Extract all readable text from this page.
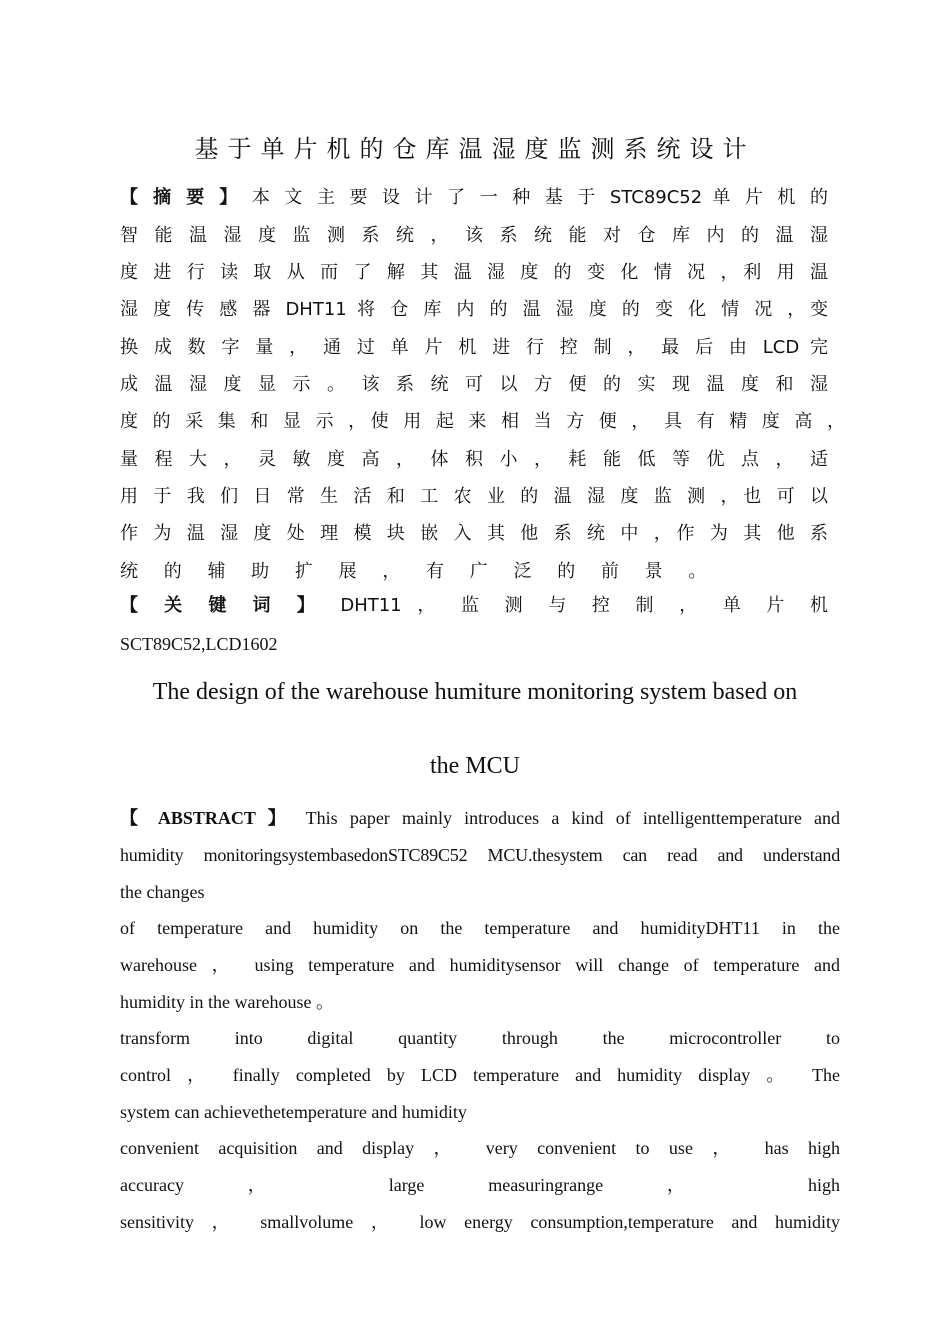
基于单片机的仓库温湿度监测系统设计
【 摘 要 】 本 文 主 要 设 计 了 一 种 基 于 STC89C52 单 片 机 的
智 能 温 湿 度 监 测 系 统 ， 该 系 统 能 对 仓 库 内 的 温 湿
度 进 行 读 取 从 而 了 解 其 温 湿 度 的 变 化 情 况 ，利 用 温
湿 度 传 感 器 DHT11 将 仓 库 内 的 温 湿 度 的 变 化 情 况 ，变
换 成 数 字 量 ， 通 过 单 片 机 进 行 控 制 ， 最 后 由 LCD 完
成 温 湿 度 显 示 。 该 系 统 可 以 方 便 的 实 现 温 度 和 湿
度 的 采 集 和 显 示 ，使 用 起 来 相 当 方 便 ， 具 有 精 度 高 ，
量 程 大 ， 灵 敏 度 高 ， 体 积 小 ， 耗 能 低 等 优 点 ， 适
用 于 我 们 日 常 生 活 和 工 农 业 的 温 湿 度 监 测 ，也 可 以
作 为 温 湿 度 处 理 模 块 嵌 入 其 他 系 统 中 ，作 为 其 他 系
统 的 辅 助 扩 展 ， 有 广 泛 的 前 景 。
【 关 键 词 】 DHT11 ， 监 测 与 控 制 ， 单 片 机
SCT89C52,LCD1602
The design of the warehouse humiture monitoring system based on
the MCU
【 ABSTRACT 】 This paper mainly introduces a kind of intelligenttemperature and
humidity monitoringsystembasedonSTC89C52 MCU.thesystem can read and understand
the changes
of temperature and humidity on the temperature and humidityDHT11 in the
warehouse ， using temperature and humiditysensor will change of temperature and
humidity in the warehouse 。
transform into digital quantity through the microcontroller to
control ， finally completed by LCD temperature and humidity display 。 The
system can achievethetemperature and humidity
convenient acquisition and display ， very convenient to use ， has high
accuracy ， large measuringrange ， high
sensitivity ， smallvolume ， low energy consumption,temperature and humidity
